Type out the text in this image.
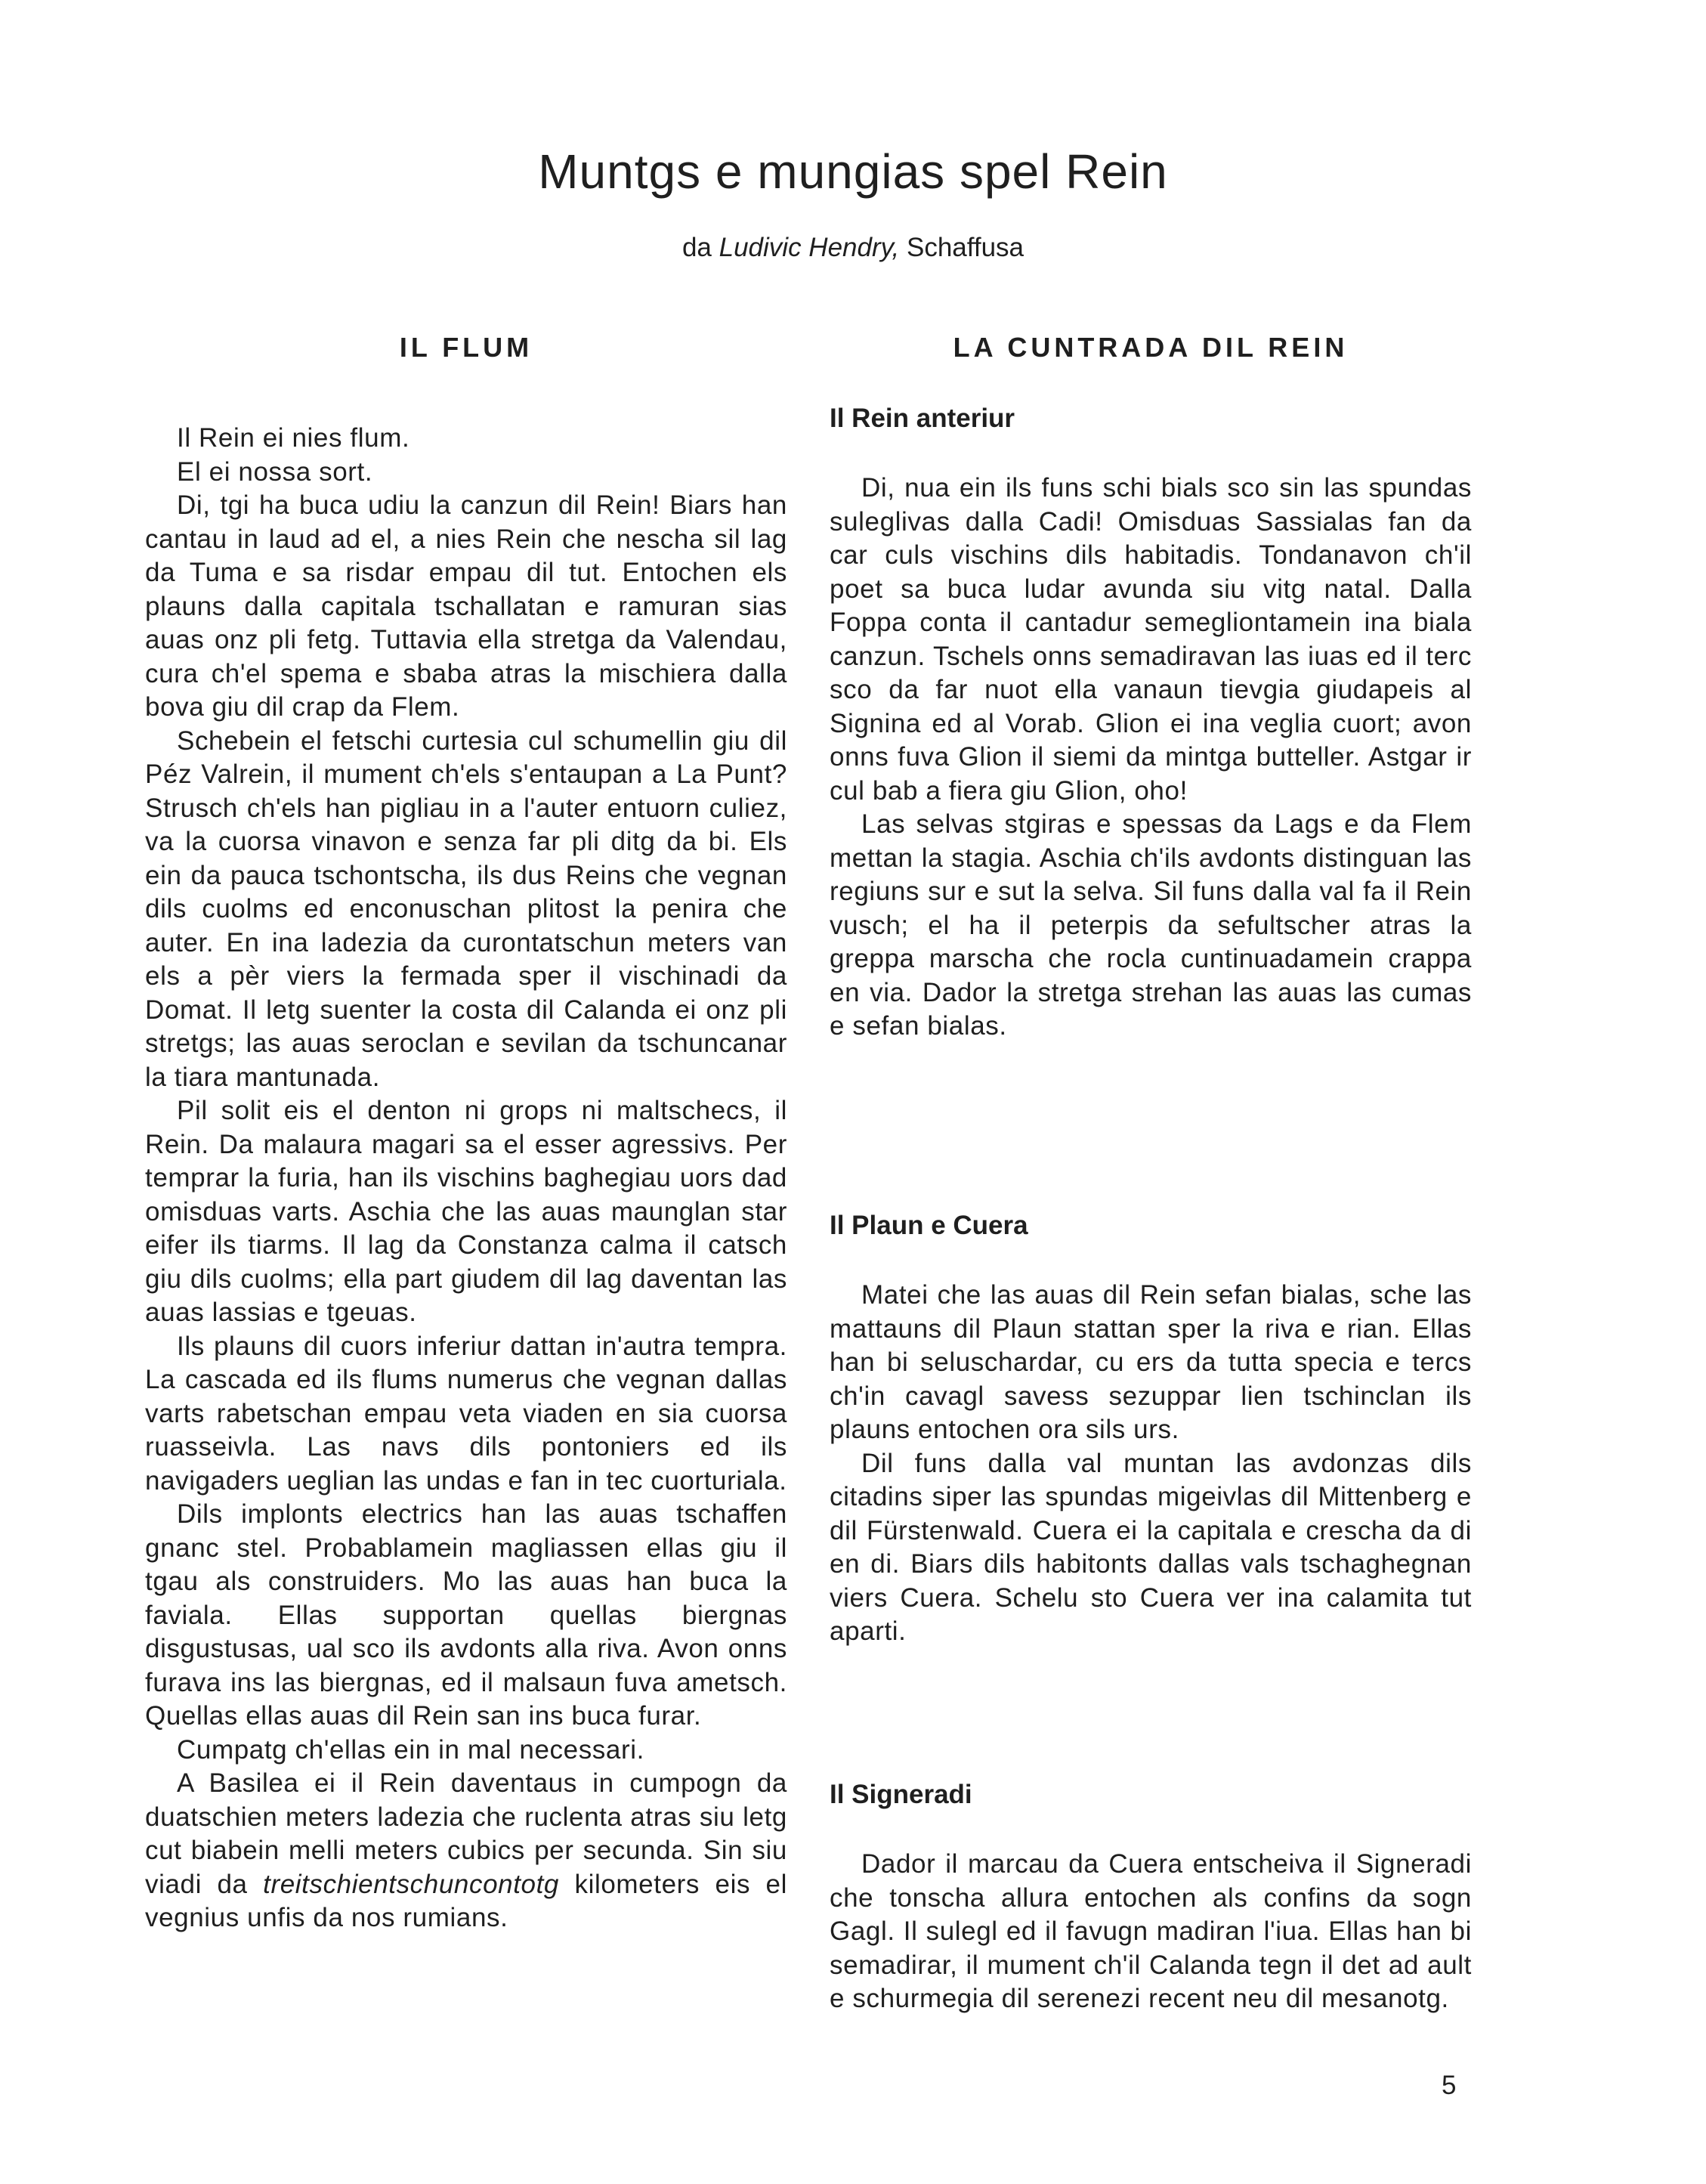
Muntgs e mungias spel Rein
da Ludivic Hendry, Schaffusa
IL FLUM

Il Rein ei nies flum.

El ei nossa sort.

Di, tgi ha buca udiu la canzun dil Rein! Biars han cantau in laud ad el, a nies Rein che nescha sil lag da Tuma e sa risdar empau dil tut. Entochen els plauns dalla capitala tschallatan e ramuran sias auas onz pli fetg. Tuttavia ella stretga da Valendau, cura ch'el spema e sbaba atras la mischiera dalla bova giu dil crap da Flem.

Schebein el fetschi curtesia cul schumellin giu dil Péz Valrein, il mument ch'els s'entaupan a La Punt? Strusch ch'els han pigliau in a l'auter entuorn culiez, va la cuorsa vinavon e senza far pli ditg da bi. Els ein da pauca tschontscha, ils dus Reins che vegnan dils cuolms ed enconuschan plitost la penira che auter. En ina ladezia da curontatschun meters van els a pèr viers la fermada sper il vischinadi da Domat. Il letg suenter la costa dil Calanda ei onz pli stretgs; las auas seroclan e sevilan da tschuncanar la tiara mantunada.

Pil solit eis el denton ni grops ni maltschecs, il Rein. Da malaura magari sa el esser agressivs. Per temprar la furia, han ils vischins baghegiau uors dad omisduas varts. Aschia che las auas maunglan star eifer ils tiarms. Il lag da Constanza calma il catsch giu dils cuolms; ella part giudem dil lag daventan las auas lassias e tgeuas.

Ils plauns dil cuors inferiur dattan in'autra tempra. La cascada ed ils flums numerus che vegnan dallas varts rabetschan empau veta viaden en sia cuorsa ruasseivla. Las navs dils pontoniers ed ils navigaders ueglian las undas e fan in tec cuorturiala.

Dils implonts electrics han las auas tschaffen gnanc stel. Probablamein magliassen ellas giu il tgau als construiders. Mo las auas han buca la faviala. Ellas supportan quellas biergnas disgustusas, ual sco ils avdonts alla riva. Avon onns furava ins las biergnas, ed il malsaun fuva ametsch. Quellas ellas auas dil Rein san ins buca furar.

Cumpatg ch'ellas ein in mal necessari.

A Basilea ei il Rein daventaus in cumpogn da duatschien meters ladezia che ruclenta atras siu letg cut biabein melli meters cubics per secunda. Sin siu viadi da treitschientschuncontotg kilometers eis el vegnius unfis da nos rumians.

LA CUNTRADA DIL REIN
Il Rein anteriur

Di, nua ein ils funs schi bials sco sin las spundas suleglivas dalla Cadi! Omisduas Sassialas fan da car culs vischins dils habitadis. Tondanavon ch'il poet sa buca ludar avunda siu vitg natal. Dalla Foppa conta il cantadur semegliontamein ina biala canzun. Tschels onns semadiravan las iuas ed il terc sco da far nuot ella vanaun tievgia giudapeis al Signina ed al Vorab. Glion ei ina veglia cuort; avon onns fuva Glion il siemi da mintga butteller. Astgar ir cul bab a fiera giu Glion, oho!

Las selvas stgiras e spessas da Lags e da Flem mettan la stagia. Aschia ch'ils avdonts distinguan las regiuns sur e sut la selva. Sil funs dalla val fa il Rein vusch; el ha il peterpis da sefultscher atras la greppa marscha che rocla cuntinuadamein crappa en via. Dador la stretga strehan las auas las cumas e sefan bialas.

Il Plaun e Cuera

Matei che las auas dil Rein sefan bialas, sche las mattauns dil Plaun stattan sper la riva e rian. Ellas han bi seluschardar, cu ers da tutta specia e tercs ch'in cavagl savess sezuppar lien tschinclan ils plauns entochen ora sils urs.

Dil funs dalla val muntan las avdonzas dils citadins siper las spundas migeivlas dil Mittenberg e dil Fürstenwald. Cuera ei la capitala e crescha da di en di. Biars dils habitonts dallas vals tschaghegnan viers Cuera. Schelu sto Cuera ver ina calamita tut aparti.

Il Signeradi

Dador il marcau da Cuera entscheiva il Signeradi che tonscha allura entochen als confins da sogn Gagl. Il sulegl ed il favugn madiran l'iua. Ellas han bi semadirar, il mument ch'il Calanda tegn il det ad ault e schurmegia dil serenezi recent neu dil mesanotg.

5
